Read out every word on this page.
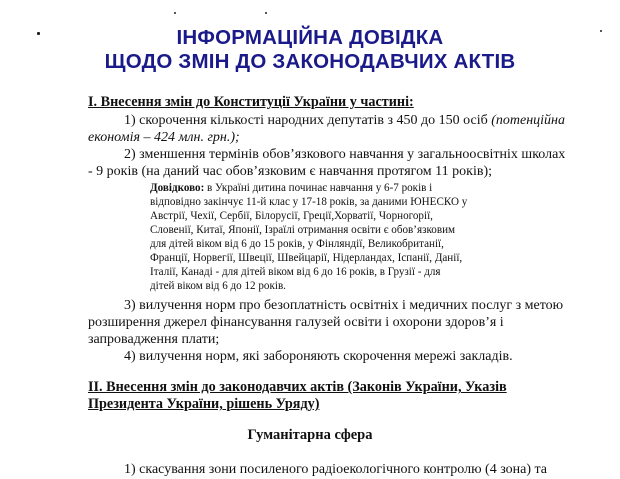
ІНФОРМАЦІЙНА ДОВІДКА
ЩОДО ЗМІН ДО ЗАКОНОДАВЧИХ АКТІВ
І. Внесення змін до Конституції України у частині:
1) скорочення кількості народних депутатів з 450 до 150 осіб (потенційна
економія – 424 млн. грн.);
2) зменшення термінів обов’язкового навчання у загальноосвітніх школах
- 9 років (на даний час обов’язковим є навчання протягом 11 років);
Довідково: в Україні дитина починає навчання у 6-7 років і
відповідно закінчує 11-й клас у 17-18 років, за даними ЮНЕСКО у
Австрії, Чехії, Сербії, Білорусії, Греції,Хорватії, Чорногорії,
Словенії, Китаї, Японії, Ізраїлі отримання освіти є обов’язковим
для дітей віком від 6 до 15 років, у Фінляндії, Великобританії,
Франції, Норвегії, Швеції, Швейцарії, Нідерландах, Іспанії, Данії,
Італії, Канаді - для дітей віком від 6 до 16 років, в Грузії - для
дітей віком від 6 до 12 років.
3) вилучення норм про безоплатність освітніх і медичних послуг з метою
розширення джерел фінансування галузей освіти і охорони здоров’я і
запровадження плати;
4) вилучення норм, які забороняють скорочення мережі закладів.
ІІ. Внесення змін до законодавчих актів (Законів України, Указів
Президента України, рішень Уряду)
Гуманітарна сфера
1) скасування зони посиленого радіоекологічного контролю (4 зона) та
